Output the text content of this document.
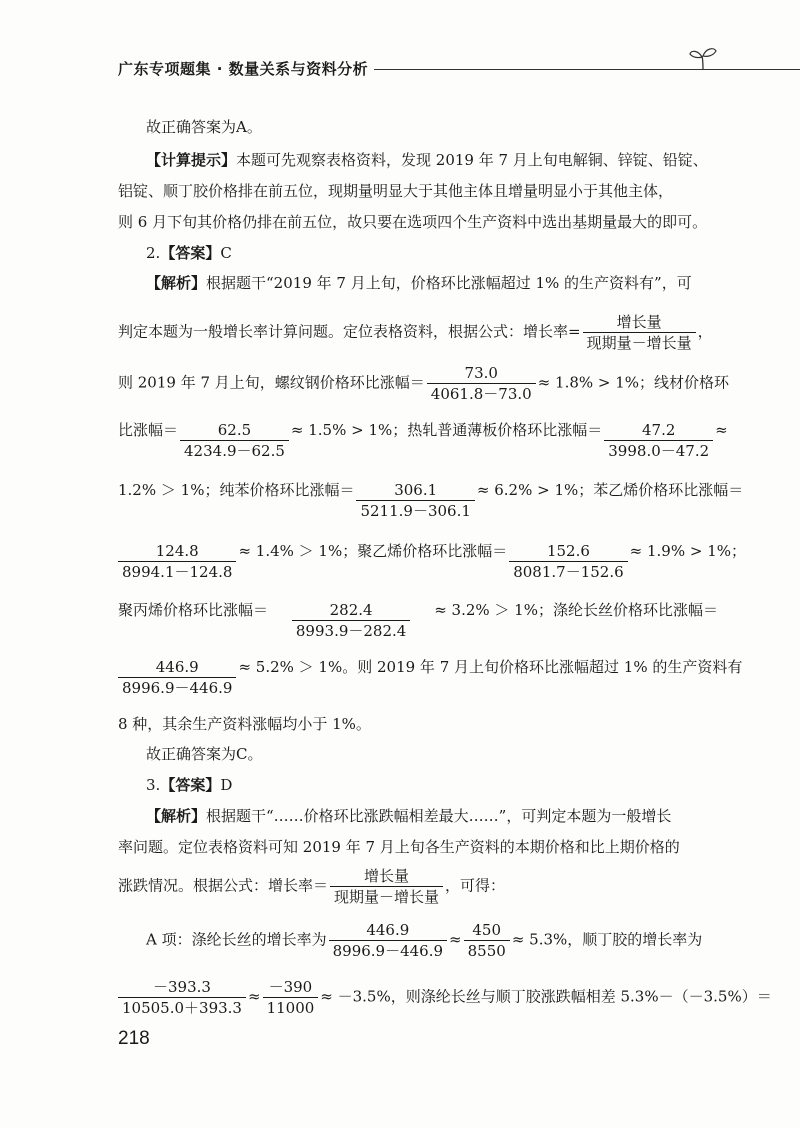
广东专项题集 · 数量关系与资料分析
故正确答案为A。
【计算提示】本题可先观察表格资料，发现 2019 年 7 月上旬电解铜、锌锭、铅锭、
铝锭、顺丁胶价格排在前五位，现期量明显大于其他主体且增量明显小于其他主体，
则 6 月下旬其价格仍排在前五位，故只要在选项四个生产资料中选出基期量最大的即可。
2.【答案】C
【解析】根据题干“2019 年 7 月上旬，价格环比涨幅超过 1% 的生产资料有”，可
判定本题为一般增长率计算问题。定位表格资料，根据公式：增长率= $\frac{\text{增长量}}{\text{现期量－增长量}}$ ，
则 2019 年 7 月上旬，螺纹钢价格环比涨幅＝ $\frac{73.0}{4061.8-73.0} \approx 1.8\% > 1\%$；线材价格环
比涨幅＝ $\frac{62.5}{4234.9-62.5} \approx 1.5\% > 1\%$；热轧普通薄板价格环比涨幅＝ $\frac{47.2}{3998.0-47.2}$ ≈
1.2% ＞ 1%；纯苯价格环比涨幅＝ $\frac{306.1}{5211.9-306.1} \approx 6.2\% > 1\%$；苯乙烯价格环比涨幅＝
$\frac{124.8}{8994.1-124.8} \approx 1.4\% > 1\%$；聚乙烯价格环比涨幅＝ $\frac{152.6}{8081.7-152.6} \approx 1.9\% > 1\%$；
聚丙烯价格环比涨幅＝ $\frac{282.4}{8993.9-282.4} \approx 3.2\% > 1\%$；涤纶长丝价格环比涨幅＝
$\frac{446.9}{8996.9-446.9} \approx 5.2\% > 1\%$。则 2019 年 7 月上旬价格环比涨幅超过 1% 的生产资料有
8 种，其余生产资料涨幅均小于 1%。
故正确答案为C。
3.【答案】D
【解析】根据题干“……价格环比涨跌幅相差最大……”，可判定本题为一般增长
率问题。定位表格资料可知 2019 年 7 月上旬各生产资料的本期价格和比上期价格的
涨跌情况。根据公式：增长率＝ $\frac{\text{增长量}}{\text{现期量－增长量}}$ ，可得：
A 项：涤纶长丝的增长率为 $\frac{446.9}{8996.9-446.9} \approx \frac{450}{8550} \approx 5.3\%$，顺丁胶的增长率为
$\frac{-393.3}{10505.0+393.3} \approx \frac{-390}{11000} \approx -3.5\%$，则涤纶长丝与顺丁胶涨跌幅相差 5.3%－（－3.5%）＝
218
